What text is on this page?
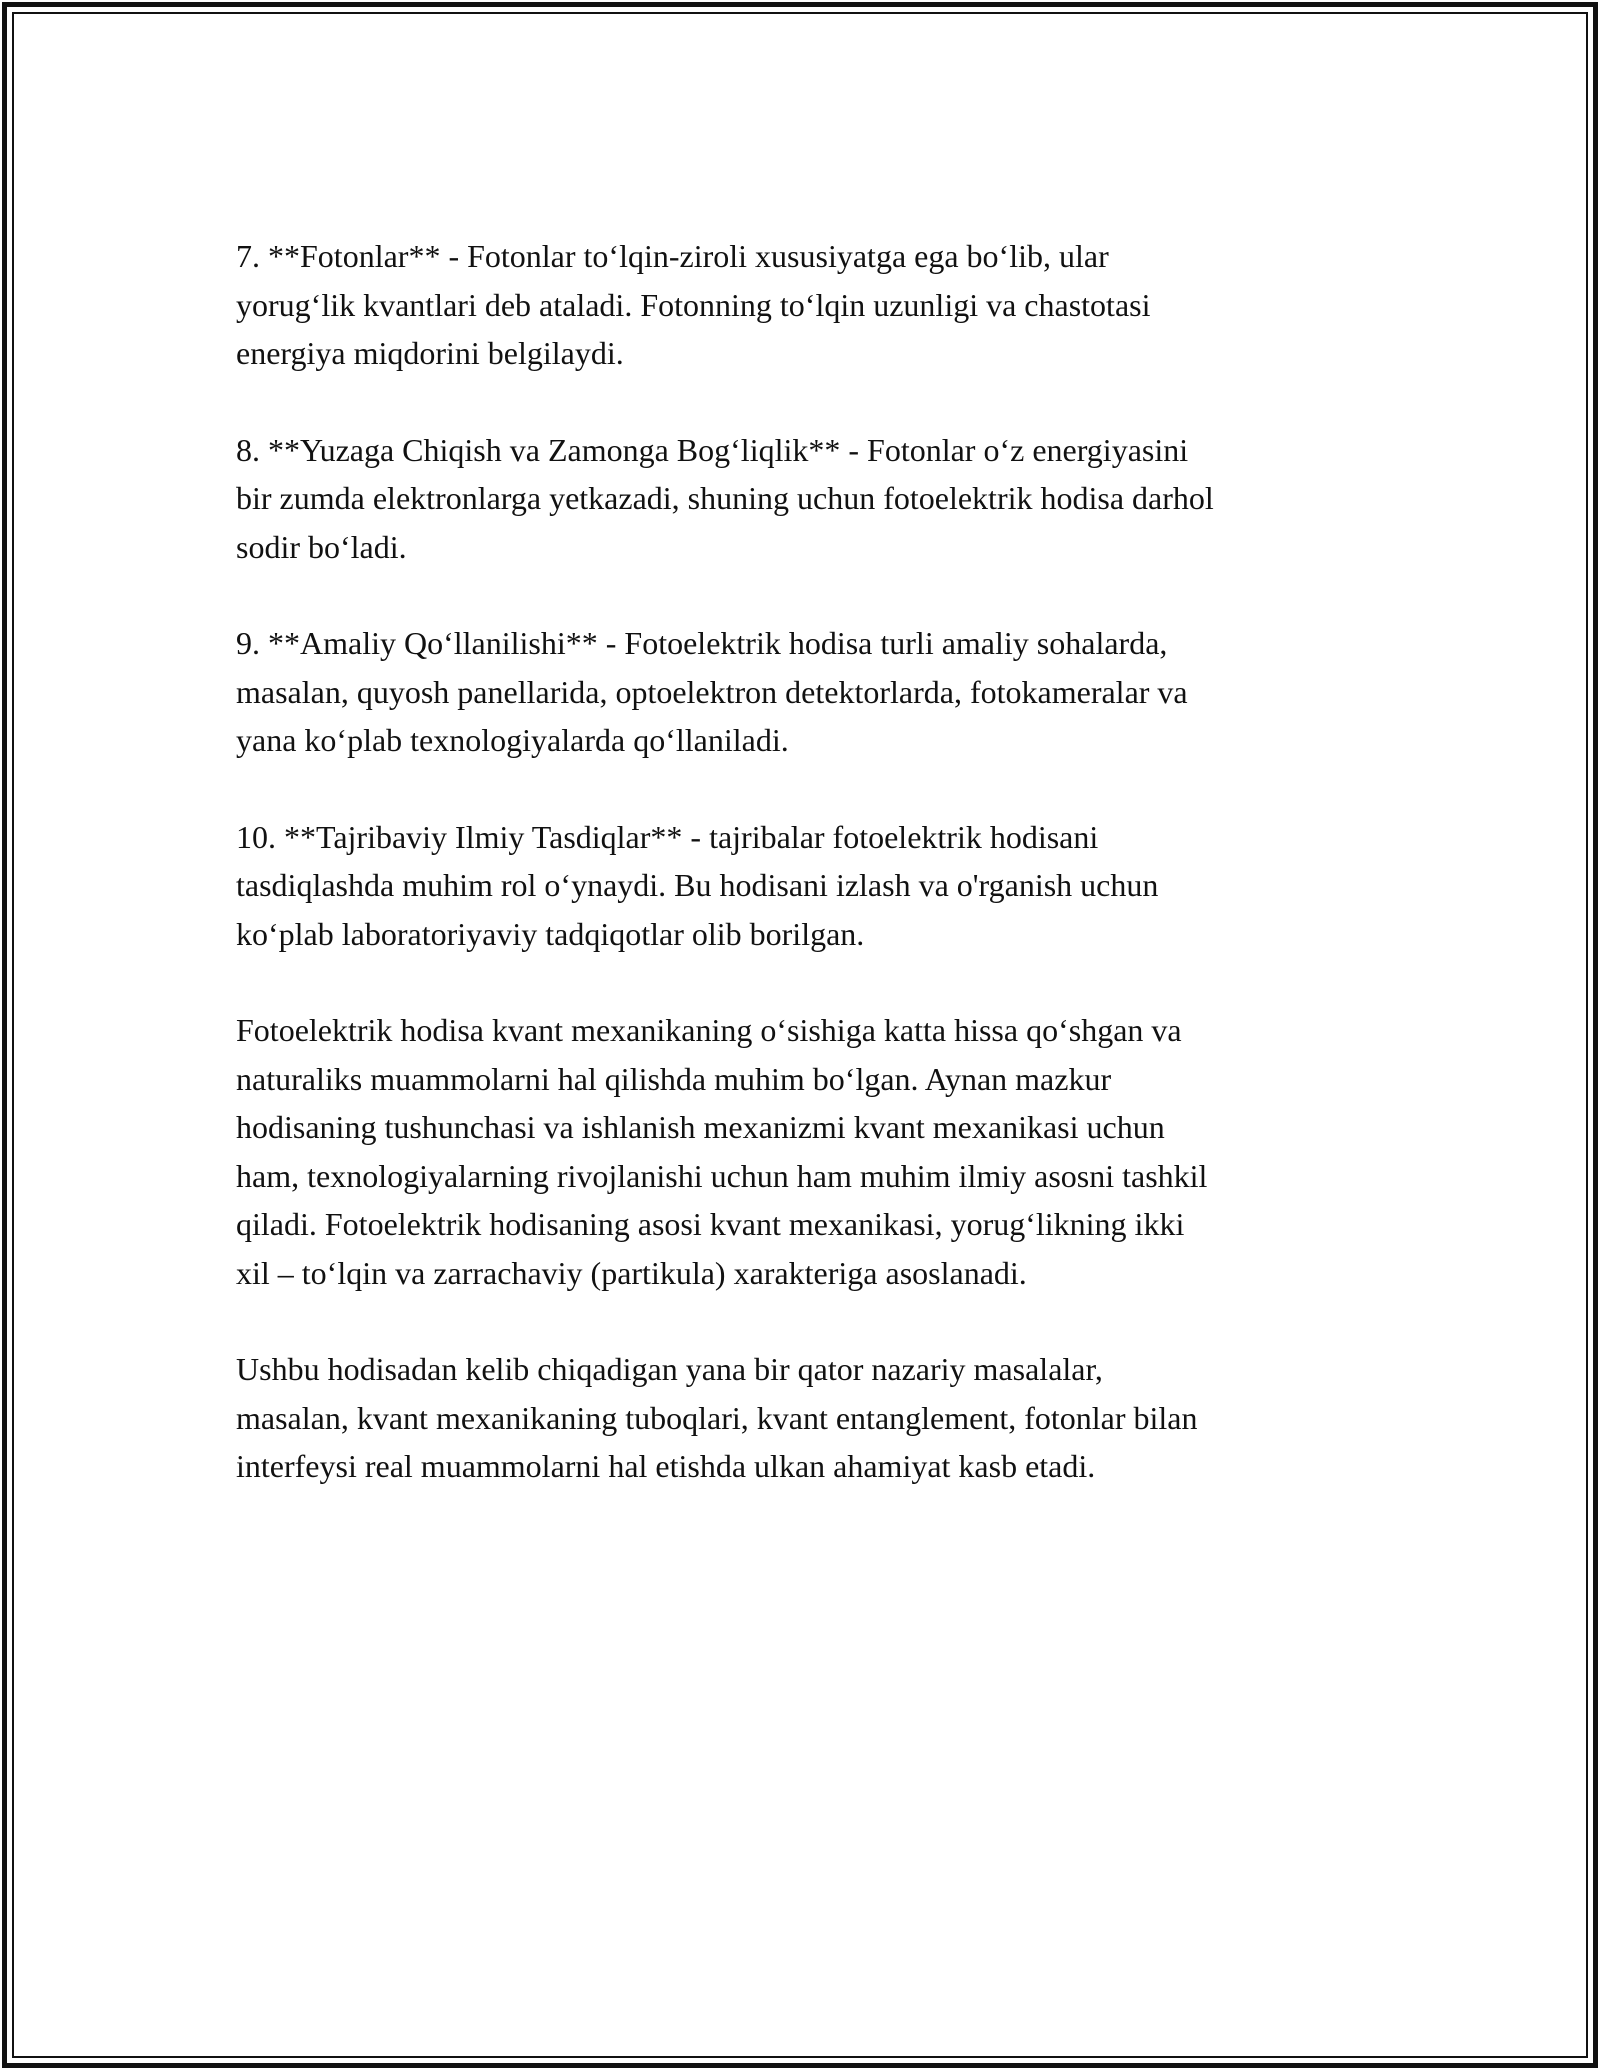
7. **Fotonlar** - Fotonlar to‘lqin-ziroli xususiyatga ega bo‘lib, ular
yorug‘lik kvantlari deb ataladi. Fotonning to‘lqin uzunligi va chastotasi
energiya miqdorini belgilaydi.

8. **Yuzaga Chiqish va Zamonga Bog‘liqlik** - Fotonlar o‘z energiyasini
bir zumda elektronlarga yetkazadi, shuning uchun fotoelektrik hodisa darhol
sodir bo‘ladi.

9. **Amaliy Qo‘llanilishi** - Fotoelektrik hodisa turli amaliy sohalarda,
masalan, quyosh panellarida, optoelektron detektorlarda, fotokameralar va
yana ko‘plab texnologiyalarda qo‘llaniladi.

10. **Tajribaviy Ilmiy Tasdiqlar** - tajribalar fotoelektrik hodisani
tasdiqlashda muhim rol o‘ynaydi. Bu hodisani izlash va o'rganish uchun
ko‘plab laboratoriyaviy tadqiqotlar olib borilgan.

Fotoelektrik hodisa kvant mexanikaning o‘sishiga katta hissa qo‘shgan va
naturaliks muammolarni hal qilishda muhim bo‘lgan. Aynan mazkur
hodisaning tushunchasi va ishlanish mexanizmi kvant mexanikasi uchun
ham, texnologiyalarning rivojlanishi uchun ham muhim ilmiy asosni tashkil
qiladi. Fotoelektrik hodisaning asosi kvant mexanikasi, yorug‘likning ikki
xil – to‘lqin va zarrachaviy (partikula) xarakteriga asoslanadi.

Ushbu hodisadan kelib chiqadigan yana bir qator nazariy masalalar,
masalan, kvant mexanikaning tuboqlari, kvant entanglement, fotonlar bilan
interfeysi real muammolarni hal etishda ulkan ahamiyat kasb etadi.
